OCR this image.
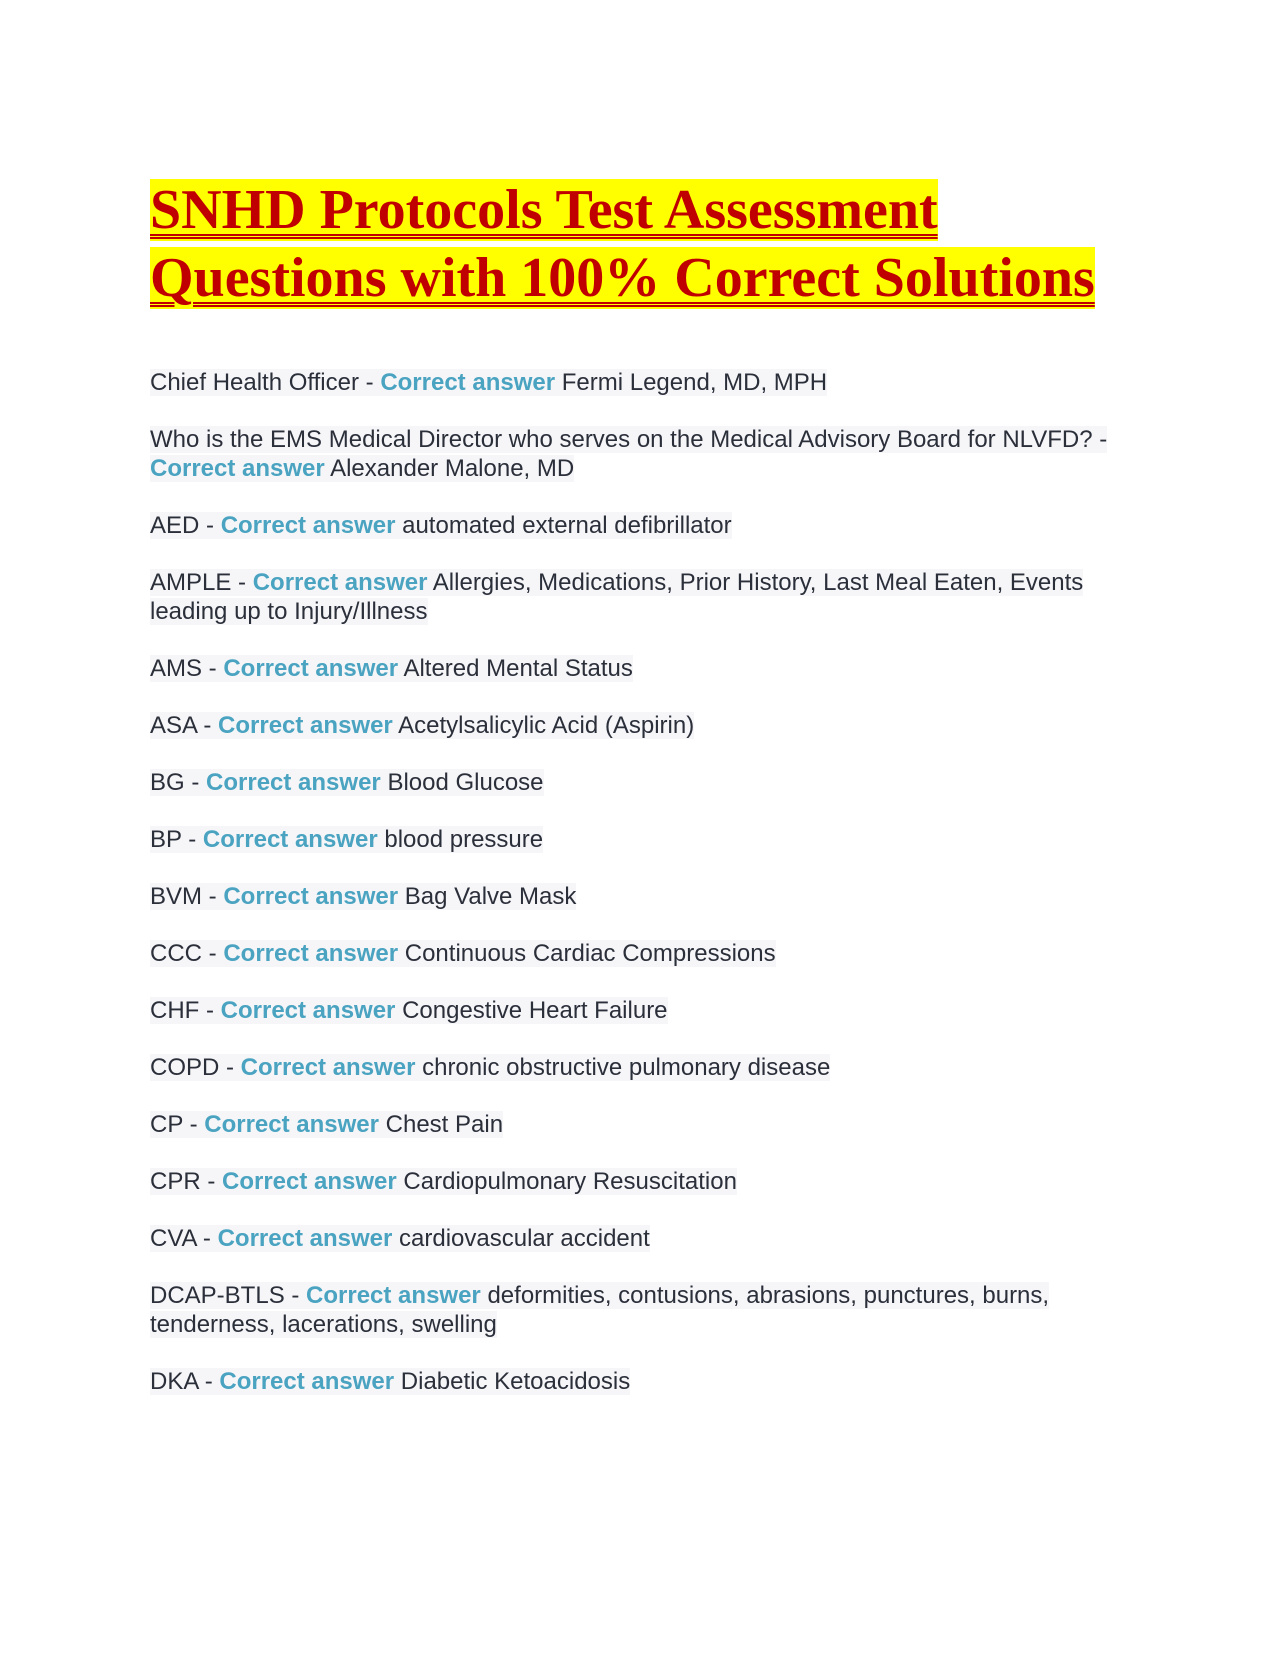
SNHD Protocols Test Assessment Questions with 100% Correct Solutions

Chief Health Officer - Correct answer Fermi Legend, MD, MPH

Who is the EMS Medical Director who serves on the Medical Advisory Board for NLVFD? - Correct answer Alexander Malone, MD

AED - Correct answer automated external defibrillator

AMPLE - Correct answer Allergies, Medications, Prior History, Last Meal Eaten, Events leading up to Injury/Illness

AMS - Correct answer Altered Mental Status

ASA - Correct answer Acetylsalicylic Acid (Aspirin)

BG - Correct answer Blood Glucose

BP - Correct answer blood pressure

BVM - Correct answer Bag Valve Mask

CCC - Correct answer Continuous Cardiac Compressions

CHF - Correct answer Congestive Heart Failure

COPD - Correct answer chronic obstructive pulmonary disease

CP - Correct answer Chest Pain

CPR - Correct answer Cardiopulmonary Resuscitation

CVA - Correct answer cardiovascular accident

DCAP-BTLS - Correct answer deformities, contusions, abrasions, punctures, burns, tenderness, lacerations, swelling

DKA - Correct answer Diabetic Ketoacidosis
